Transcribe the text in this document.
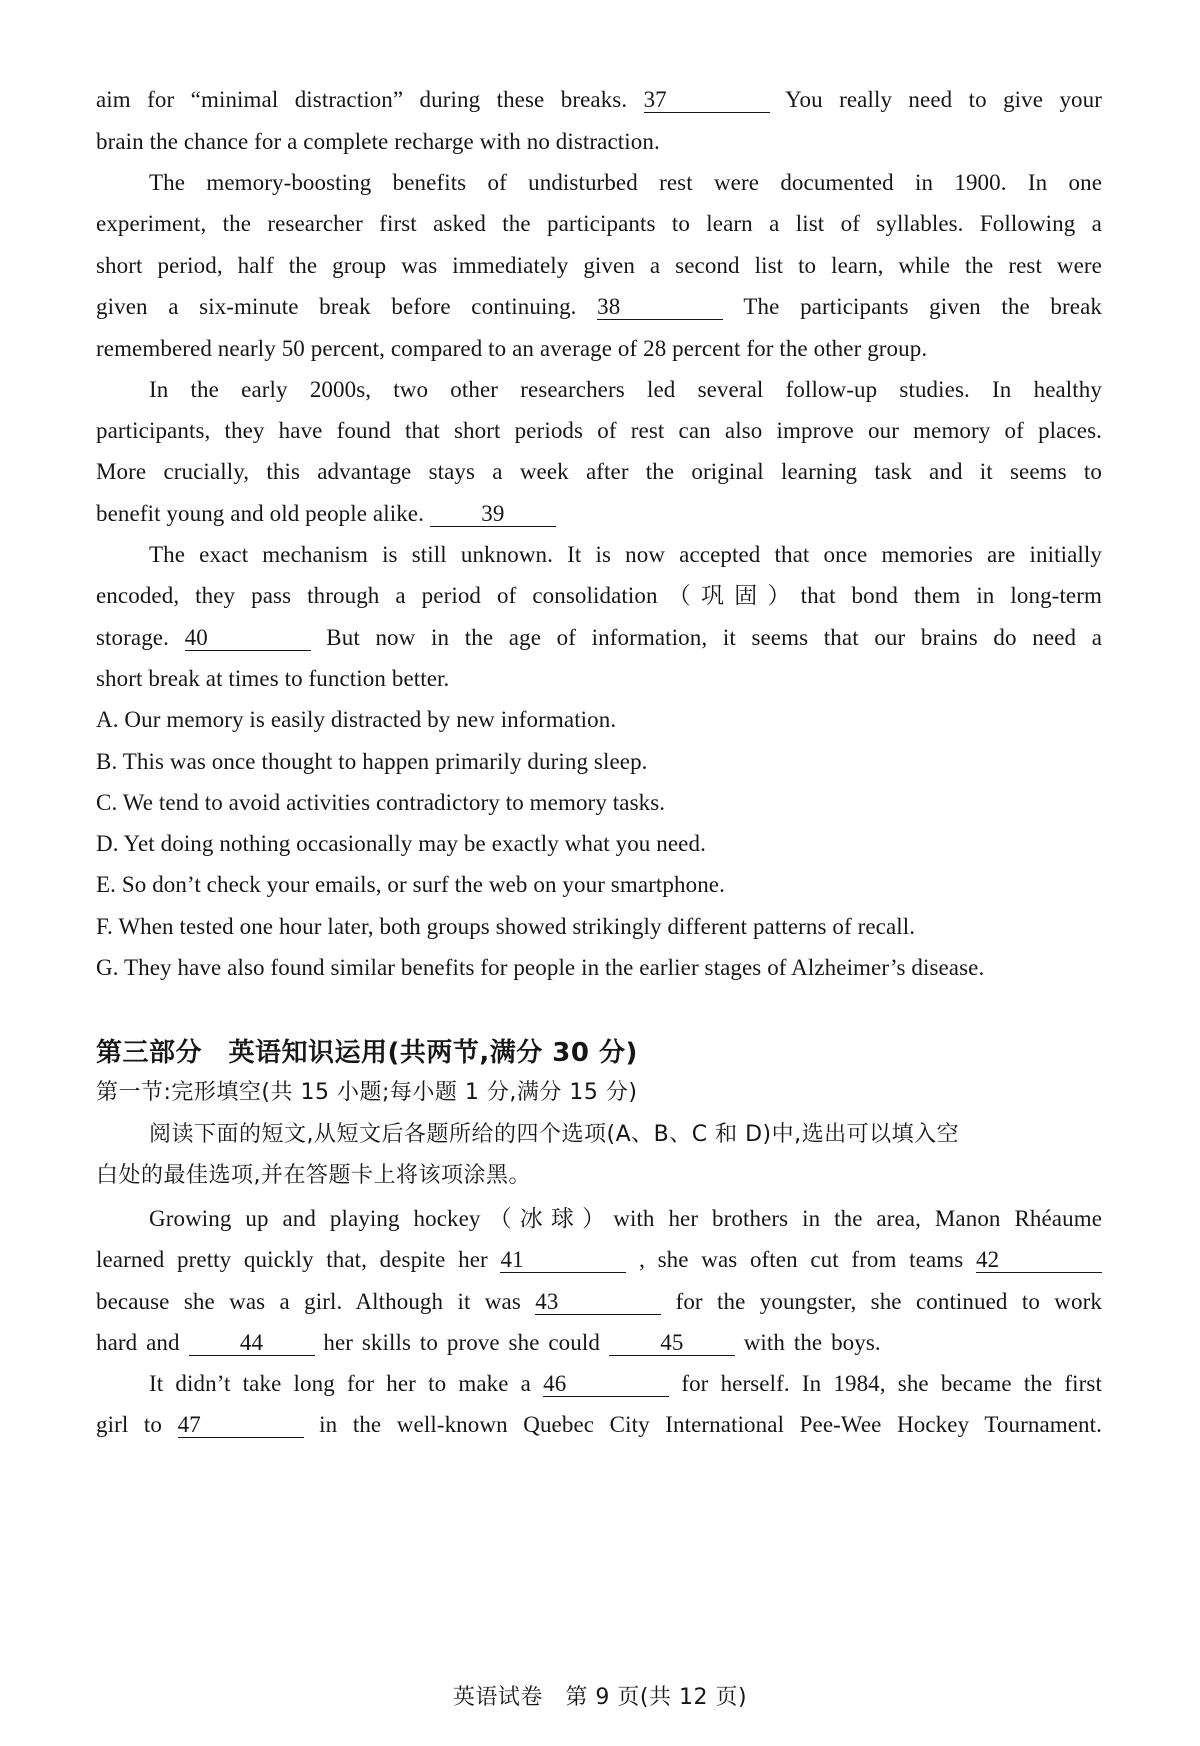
aim for “minimal distraction” during these breaks. 37	You really need to give your
brain the chance for a complete recharge with no distraction.
The memory-boosting benefits of undisturbed rest were documented in 1900. In one
experiment, the researcher first asked the participants to learn a list of syllables. Following a
short period, half the group was immediately given a second list to learn, while the rest were
given a six-minute break before continuing. 38	The participants given the break
remembered nearly 50 percent, compared to an average of 28 percent for the other group.
In the early 2000s, two other researchers led several follow-up studies. In healthy
participants, they have found that short periods of rest can also improve our memory of places.
More crucially, this advantage stays a week after the original learning task and it seems to
benefit young and old people alike. 39
The exact mechanism is still unknown. It is now accepted that once memories are initially
encoded, they pass through a period of consolidation（巩固）that bond them in long-term
storage. 40	But now in the age of information, it seems that our brains do need a
short break at times to function better.
A. Our memory is easily distracted by new information.
B. This was once thought to happen primarily during sleep.
C. We tend to avoid activities contradictory to memory tasks.
D. Yet doing nothing occasionally may be exactly what you need.
E. So don’t check your emails, or surf the web on your smartphone.
F. When tested one hour later, both groups showed strikingly different patterns of recall.
G. They have also found similar benefits for people in the earlier stages of Alzheimer’s disease.
第三部分　英语知识运用(共两节,满分 30 分)
第一节:完形填空(共 15 小题;每小题 1 分,满分 15 分)
阅读下面的短文,从短文后各题所给的四个选项(A、B、C 和 D)中,选出可以填入空
白处的最佳选项,并在答题卡上将该项涂黑。
Growing up and playing hockey（冰球）with her brothers in the area, Manon Rhéaume
learned pretty quickly that, despite her 41	, she was often cut from teams 42
because she was a girl. Although it was 43	for the youngster, she continued to work
hard and	44	her skills to prove she could	45	with the boys.
It didn’t take long for her to make a 46	for herself. In 1984, she became the first
girl to 47	in the well-known Quebec City International Pee-Wee Hockey Tournament.
英语试卷　第 9 页(共 12 页)
